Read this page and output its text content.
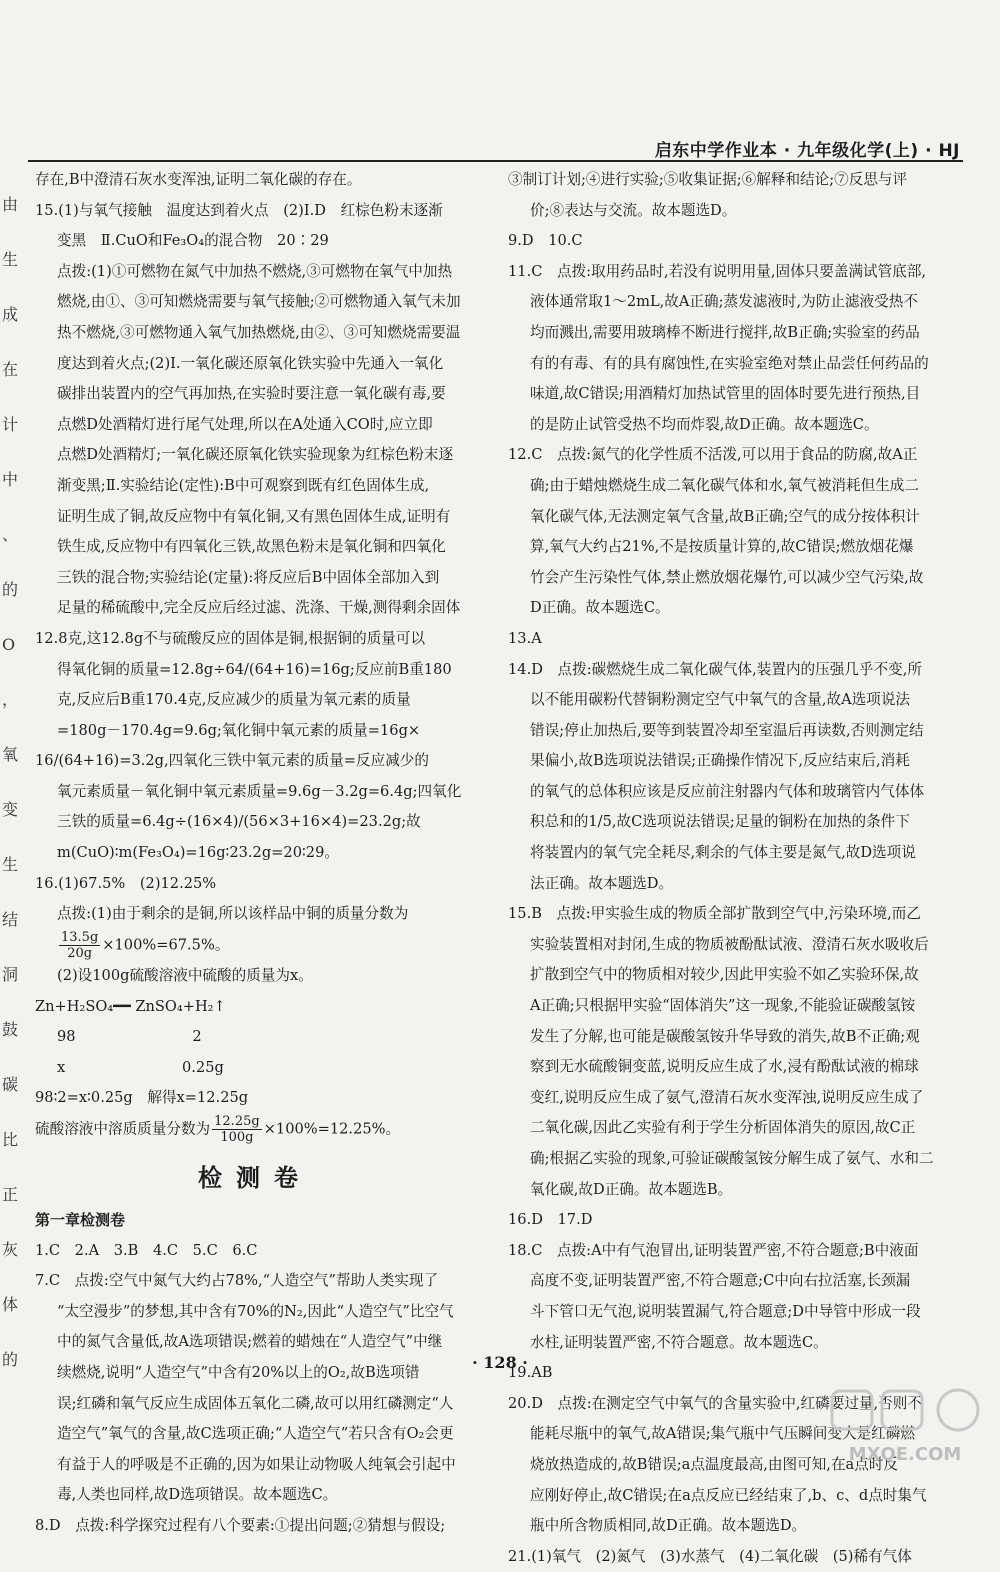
启东中学作业本 · 九年级化学(上) · HJ
由
生
成
在
计
中
、
的
O
，
氧
变
生
结
洞
鼓
碳
比
正
灰
体
的

存在,B中澄清石灰水变浑浊,证明二氧化碳的存在。

15.(1)与氧气接触　温度达到着火点　(2)Ⅰ.D　红棕色粉末逐渐

变黑　Ⅱ.CuO和Fe₃O₄的混合物　20∶29

点拨:(1)①可燃物在氮气中加热不燃烧,③可燃物在氧气中加热

燃烧,由①、③可知燃烧需要与氧气接触;②可燃物通入氧气未加

热不燃烧,③可燃物通入氧气加热燃烧,由②、③可知燃烧需要温

度达到着火点;(2)Ⅰ.一氧化碳还原氧化铁实验中先通入一氧化

碳排出装置内的空气再加热,在实验时要注意一氧化碳有毒,要

点燃D处酒精灯进行尾气处理,所以在A处通入CO时,应立即

点燃D处酒精灯;一氧化碳还原氧化铁实验现象为红棕色粉末逐

渐变黑;Ⅱ.实验结论(定性):B中可观察到既有红色固体生成,

证明生成了铜,故反应物中有氧化铜,又有黑色固体生成,证明有

铁生成,反应物中有四氧化三铁,故黑色粉末是氧化铜和四氧化

三铁的混合物;实验结论(定量):将反应后B中固体全部加入到

足量的稀硫酸中,完全反应后经过滤、洗涤、干燥,测得剩余固体

12.8克,这12.8g不与硫酸反应的固体是铜,根据铜的质量可以

得氧化铜的质量=12.8g÷64/(64+16)=16g;反应前B重180

克,反应后B重170.4克,反应减少的质量为氧元素的质量

=180g－170.4g=9.6g;氧化铜中氧元素的质量=16g×

16/(64+16)=3.2g,四氧化三铁中氧元素的质量=反应减少的

氧元素质量－氧化铜中氧元素质量=9.6g－3.2g=6.4g;四氧化

三铁的质量=6.4g÷(16×4)/(56×3+16×4)=23.2g;故

m(CuO)∶m(Fe₃O₄)=16g∶23.2g=20∶29。

16.(1)67.5%　(2)12.25%

点拨:(1)由于剩余的是铜,所以该样品中铜的质量分数为

$\frac{13.5g}{20g} \times 100\%=67.5\%$。

(2)设100g硫酸溶液中硫酸的质量为x。

Zn+H₂SO₄━━ ZnSO₄+H₂↑

98　　　　　　　　2

x　　　　　　　　0.25g

98∶2=x∶0.25g　解得x=12.25g

硫酸溶液中溶质质量分数为 $\frac{12.25g}{100g} \times 100\%=12.25\%$。

检测卷

第一章检测卷

1.C　2.A　3.B　4.C　5.C　6.C

7.C　点拨:空气中氮气大约占78%,“人造空气”帮助人类实现了

“太空漫步”的梦想,其中含有70%的N₂,因此“人造空气”比空气

中的氮气含量低,故A选项错误;燃着的蜡烛在“人造空气”中继

续燃烧,说明“人造空气”中含有20%以上的O₂,故B选项错

误;红磷和氧气反应生成固体五氧化二磷,故可以用红磷测定“人

造空气”氧气的含量,故C选项正确;“人造空气”若只含有O₂会更

有益于人的呼吸是不正确的,因为如果让动物吸人纯氧会引起中

毒,人类也同样,故D选项错误。故本题选C。

8.D　点拨:科学探究过程有八个要素:①提出问题;②猜想与假设;

③制订计划;④进行实验;⑤收集证据;⑥解释和结论;⑦反思与评

价;⑧表达与交流。故本题选D。

9.D　10.C

11.C　点拨:取用药品时,若没有说明用量,固体只要盖满试管底部,

液体通常取1～2mL,故A正确;蒸发滤液时,为防止滤液受热不

均而溅出,需要用玻璃棒不断进行搅拌,故B正确;实验室的药品

有的有毒、有的具有腐蚀性,在实验室绝对禁止品尝任何药品的

味道,故C错误;用酒精灯加热试管里的固体时要先进行预热,目

的是防止试管受热不均而炸裂,故D正确。故本题选C。

12.C　点拨:氮气的化学性质不活泼,可以用于食品的防腐,故A正

确;由于蜡烛燃烧生成二氧化碳气体和水,氧气被消耗但生成二

氧化碳气体,无法测定氧气含量,故B正确;空气的成分按体积计

算,氧气大约占21%,不是按质量计算的,故C错误;燃放烟花爆

竹会产生污染性气体,禁止燃放烟花爆竹,可以减少空气污染,故

D正确。故本题选C。

13.A

14.D　点拨:碳燃烧生成二氧化碳气体,装置内的压强几乎不变,所

以不能用碳粉代替铜粉测定空气中氧气的含量,故A选项说法

错误;停止加热后,要等到装置冷却至室温后再读数,否则测定结

果偏小,故B选项说法错误;正确操作情况下,反应结束后,消耗

的氧气的总体积应该是反应前注射器内气体和玻璃管内气体体

积总和的1/5,故C选项说法错误;足量的铜粉在加热的条件下

将装置内的氧气完全耗尽,剩余的气体主要是氮气,故D选项说

法正确。故本题选D。

15.B　点拨:甲实验生成的物质全部扩散到空气中,污染环境,而乙

实验装置相对封闭,生成的物质被酚酞试液、澄清石灰水吸收后

扩散到空气中的物质相对较少,因此甲实验不如乙实验环保,故

A正确;只根据甲实验“固体消失”这一现象,不能验证碳酸氢铵

发生了分解,也可能是碳酸氢铵升华导致的消失,故B不正确;观

察到无水硫酸铜变蓝,说明反应生成了水,浸有酚酞试液的棉球

变红,说明反应生成了氨气,澄清石灰水变浑浊,说明反应生成了

二氧化碳,因此乙实验有利于学生分析固体消失的原因,故C正

确;根据乙实验的现象,可验证碳酸氢铵分解生成了氨气、水和二

氧化碳,故D正确。故本题选B。

16.D　17.D

18.C　点拨:A中有气泡冒出,证明装置严密,不符合题意;B中液面

高度不变,证明装置严密,不符合题意;C中向右拉活塞,长颈漏

斗下管口无气泡,说明装置漏气,符合题意;D中导管中形成一段

水柱,证明装置严密,不符合题意。故本题选C。

19.AB

20.D　点拨:在测定空气中氧气的含量实验中,红磷要过量,否则不

能耗尽瓶中的氧气,故A错误;集气瓶中气压瞬间变大是红磷燃

烧放热造成的,故B错误;a点温度最高,由图可知,在a点时反

应刚好停止,故C错误;在a点反应已经结束了,b、c、d点时集气

瓶中所含物质相同,故D正确。故本题选D。

21.(1)氧气　(2)氮气　(3)水蒸气　(4)二氧化碳　(5)稀有气体

· 128 ·
MXQE.COM
